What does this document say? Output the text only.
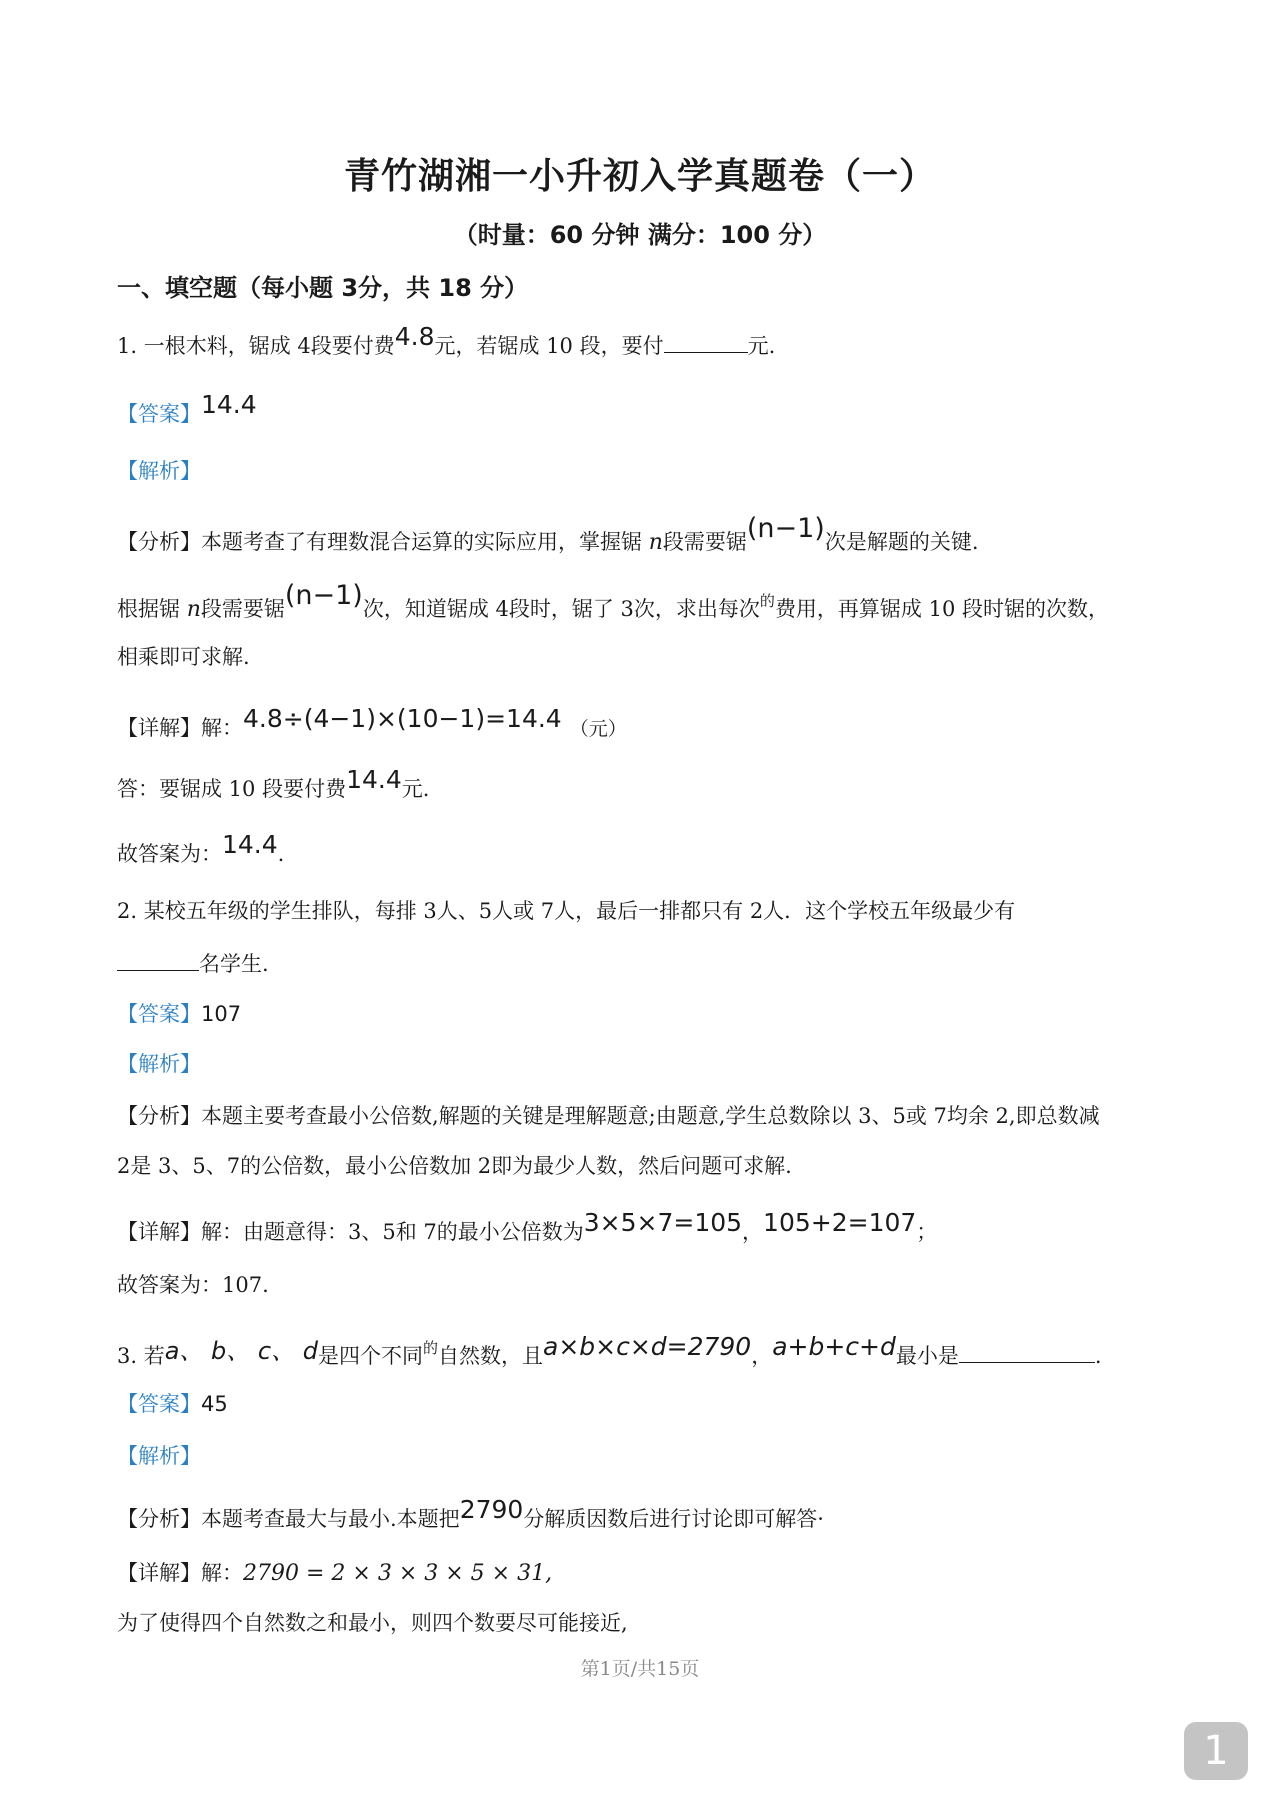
青竹湖湘一小升初入学真题卷（一）
（时量：60 分钟 满分：100 分）
一、填空题（每小题 3分，共 18 分）
1. 一根木料，锯成 4段要付费4.8元，若锯成 10 段，要付	元.
【答案】14.4
【解析】
【分析】本题考查了有理数混合运算的实际应用，掌握锯 n段需要锯(n−1)次是解题的关键.
根据锯 n段需要锯(n−1)次，知道锯成 4段时，锯了 3次，求出每次$^的$费用，再算锯成 10 段时锯的次数，
相乘即可求解.
【详解】解：4.8÷(4−1)×(10−1)=14.4 （元）
答：要锯成 10 段要付费14.4元.
故答案为：14.4.
2. 某校五年级的学生排队，每排 3人、5人或 7人，最后一排都只有 2人．这个学校五年级最少有
名学生.
【答案】107
【解析】
【分析】本题主要考查最小公倍数,解题的关键是理解题意;由题意,学生总数除以 3、5或 7均余 2,即总数减
2是 3、5、7的公倍数，最小公倍数加 2即为最少人数，然后问题可求解.
【详解】解：由题意得：3、5和 7的最小公倍数为3×5×7=105，105+2=107；
故答案为：107.
3. 若a、 b、 c、 d是四个不同$^的$自然数，且a×b×c×d=2790，a+b+c+d最小是	.
【答案】45
【解析】
【分析】本题考查最大与最小.本题把2790分解质因数后进行讨论即可解答·
【详解】解：2790 = 2 × 3 × 3 × 5 × 31,
为了使得四个自然数之和最小，则四个数要尽可能接近,
第1页/共15页
1
